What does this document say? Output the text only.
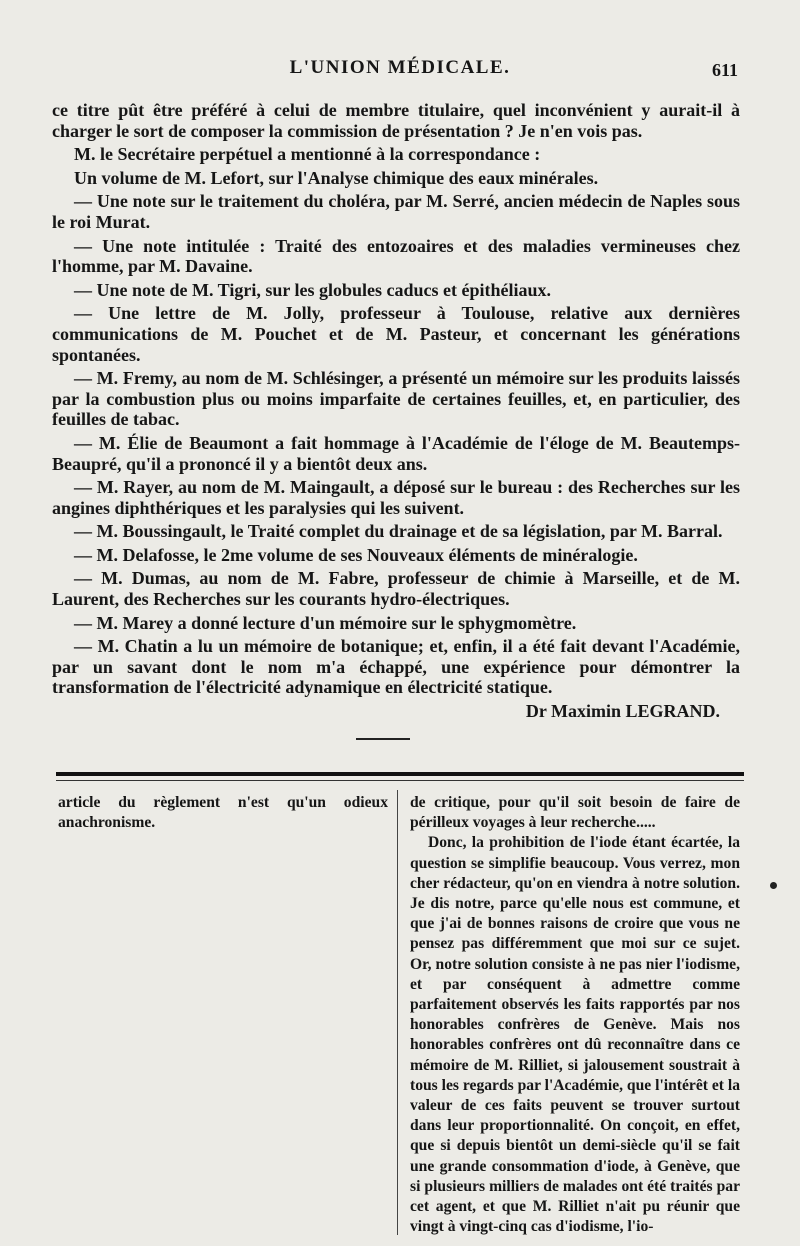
L'UNION MÉDICALE.	611

ce titre pût être préféré à celui de membre titulaire, quel inconvénient y aurait-il à charger le sort de composer la commission de présentation ? Je n'en vois pas.

M. le Secrétaire perpétuel a mentionné à la correspondance :

Un volume de M. Lefort, sur l'Analyse chimique des eaux minérales.

— Une note sur le traitement du choléra, par M. Serré, ancien médecin de Naples sous le roi Murat.

— Une note intitulée : Traité des entozoaires et des maladies vermineuses chez l'homme, par M. Davaine.

— Une note de M. Tigri, sur les globules caducs et épithéliaux.

— Une lettre de M. Jolly, professeur à Toulouse, relative aux dernières communications de M. Pouchet et de M. Pasteur, et concernant les générations spontanées.

— M. Fremy, au nom de M. Schlésinger, a présenté un mémoire sur les produits laissés par la combustion plus ou moins imparfaite de certaines feuilles, et, en particulier, des feuilles de tabac.

— M. Élie de Beaumont a fait hommage à l'Académie de l'éloge de M. Beautemps-Beaupré, qu'il a prononcé il y a bientôt deux ans.

— M. Rayer, au nom de M. Maingault, a déposé sur le bureau : des Recherches sur les angines diphthériques et les paralysies qui les suivent.

— M. Boussingault, le Traité complet du drainage et de sa législation, par M. Barral.

— M. Delafosse, le 2me volume de ses Nouveaux éléments de minéralogie.

— M. Dumas, au nom de M. Fabre, professeur de chimie à Marseille, et de M. Laurent, des Recherches sur les courants hydro-électriques.

— M. Marey a donné lecture d'un mémoire sur le sphygmomètre.

— M. Chatin a lu un mémoire de botanique; et, enfin, il a été fait devant l'Académie, par un savant dont le nom m'a échappé, une expérience pour démontrer la transformation de l'électricité adynamique en électricité statique.

Dr Maximin LEGRAND.

article du règlement n'est qu'un odieux anachronisme.

de critique, pour qu'il soit besoin de faire de périlleux voyages à leur recherche.....

Donc, la prohibition de l'iode étant écartée, la question se simplifie beaucoup. Vous verrez, mon cher rédacteur, qu'on en viendra à notre solution. Je dis notre, parce qu'elle nous est commune, et que j'ai de bonnes raisons de croire que vous ne pensez pas différemment que moi sur ce sujet. Or, notre solution consiste à ne pas nier l'iodisme, et par conséquent à admettre comme parfaitement observés les faits rapportés par nos honorables confrères de Genève. Mais nos honorables confrères ont dû reconnaître dans ce mémoire de M. Rilliet, si jalousement soustrait à tous les regards par l'Académie, que l'intérêt et la valeur de ces faits peuvent se trouver surtout dans leur proportionnalité. On conçoit, en effet, que si depuis bientôt un demi-siècle qu'il se fait une grande consommation d'iode, à Genève, que si plusieurs milliers de malades ont été traités par cet agent, et que M. Rilliet n'ait pu réunir que vingt à vingt-cinq cas d'iodisme, l'io-
